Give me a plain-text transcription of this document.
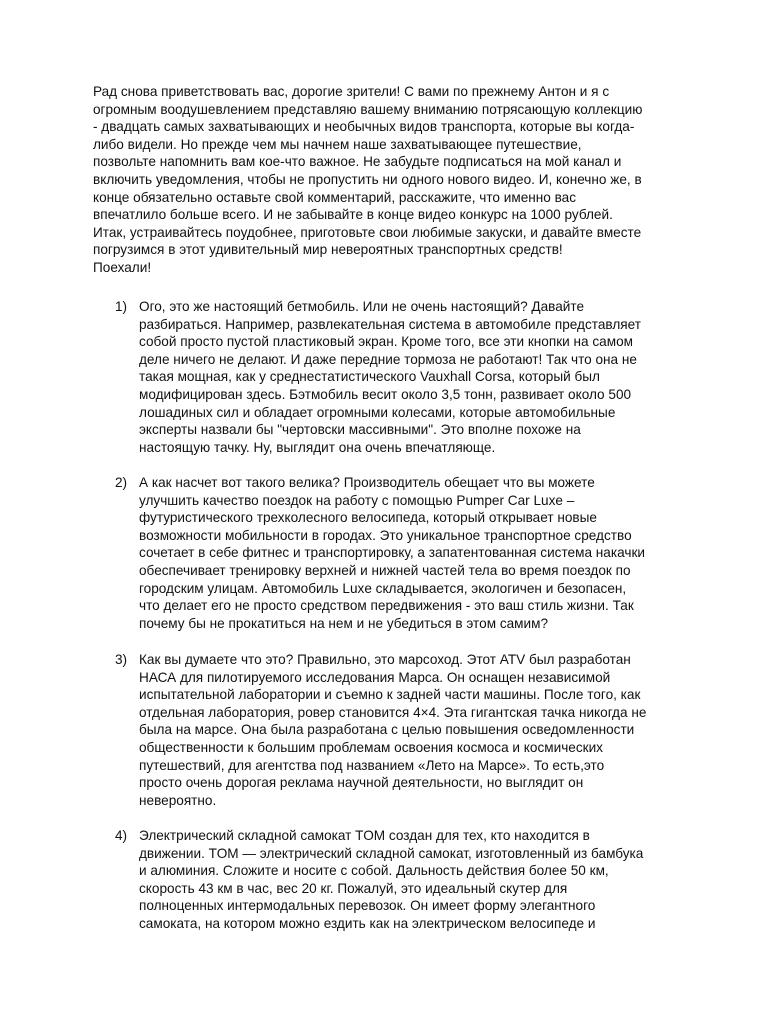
Рад снова приветствовать вас, дорогие зрители! С вами по прежнему Антон и я с
огромным воодушевлением представляю вашему вниманию потрясающую коллекцию
- двадцать самых захватывающих и необычных видов транспорта, которые вы когда-
либо видели. Но прежде чем мы начнем наше захватывающее путешествие,
позвольте напомнить вам кое-что важное. Не забудьте подписаться на мой канал и
включить уведомления, чтобы не пропустить ни одного нового видео. И, конечно же, в
конце обязательно оставьте свой комментарий, расскажите, что именно вас
впечатлило больше всего. И не забывайте в конце видео конкурс на 1000 рублей.
Итак, устраивайтесь поудобнее, приготовьте свои любимые закуски, и давайте вместе
погрузимся в этот удивительный мир невероятных транспортных средств!
Поехали!
1) Ого, это же настоящий бетмобиль. Или не очень настоящий? Давайте
разбираться. Например, развлекательная система в автомобиле представляет
собой просто пустой пластиковый экран. Кроме того, все эти кнопки на самом
деле ничего не делают. И даже передние тормоза не работают! Так что она не
такая мощная, как у среднестатистического Vauxhall Corsa, который был
модифицирован здесь. Бэтмобиль весит около 3,5 тонн, развивает около 500
лошадиных сил и обладает огромными колесами, которые автомобильные
эксперты назвали бы "чертовски массивными". Это вполне похоже на
настоящую тачку. Ну, выглядит она очень впечатляюще.
2) А как насчет вот такого велика? Производитель обещает что вы можете
улучшить качество поездок на работу с помощью Pumper Car Luxe –
футуристического трехколесного велосипеда, который открывает новые
возможности мобильности в городах. Это уникальное транспортное средство
сочетает в себе фитнес и транспортировку, а запатентованная система накачки
обеспечивает тренировку верхней и нижней частей тела во время поездок по
городским улицам. Автомобиль Luxe складывается, экологичен и безопасен,
что делает его не просто средством передвижения - это ваш стиль жизни. Так
почему бы не прокатиться на нем и не убедиться в этом самим?
3) Как вы думаете что это? Правильно, это марсоход. Этот ATV был разработан
НАСА для пилотируемого исследования Марса. Он оснащен независимой
испытательной лаборатории и съемно к задней части машины. После того, как
отдельная лаборатория, ровер становится 4×4. Эта гигантская тачка никогда не
была на марсе. Она была разработана с целью повышения осведомленности
общественности к большим проблемам освоения космоса и космических
путешествий, для агентства под названием «Лето на Марсе». То есть,это
просто очень дорогая реклама научной деятельности, но выглядит он
невероятно.
4) Электрический складной самокат TOM создан для тех, кто находится в
движении. TOM — электрический складной самокат, изготовленный из бамбука
и алюминия. Сложите и носите с собой. Дальность действия более 50 км,
скорость 43 км в час, вес 20 кг. Пожалуй, это идеальный скутер для
полноценных интермодальных перевозок. Он имеет форму элегантного
самоката, на котором можно ездить как на электрическом велосипеде и
